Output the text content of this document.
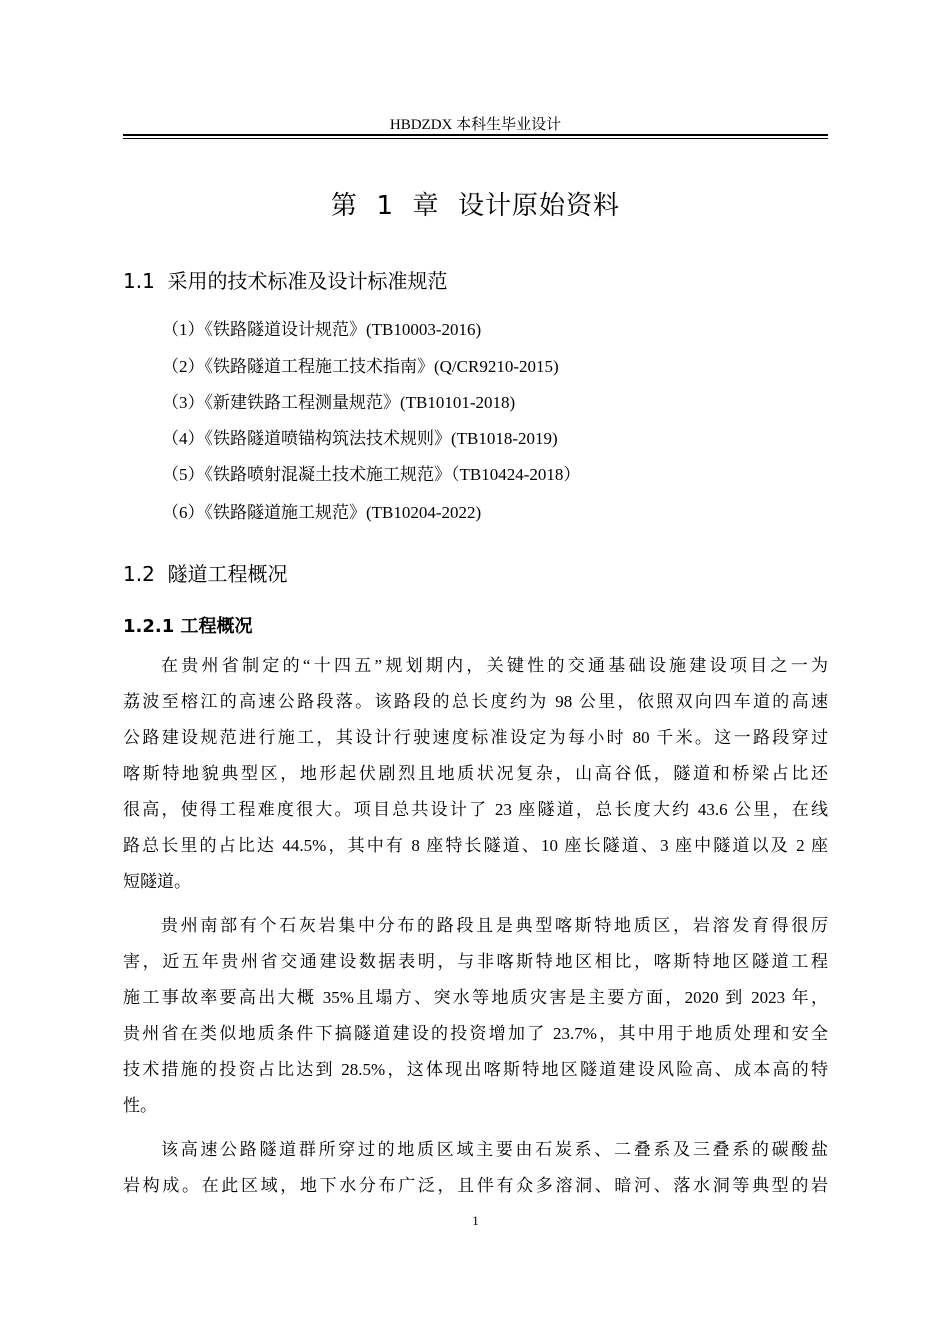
HBDZDX 本科生毕业设计
第  1  章  设计原始资料
1.1  采用的技术标准及设计标准规范
（1）《铁路隧道设计规范》(TB10003-2016)
（2）《铁路隧道工程施工技术指南》(Q/CR9210-2015)
（3）《新建铁路工程测量规范》(TB10101-2018)
（4）《铁路隧道喷锚构筑法技术规则》(TB1018-2019)
（5）《铁路喷射混凝土技术施工规范》（TB10424-2018）
（6）《铁路隧道施工规范》(TB10204-2022)
1.2  隧道工程概况
1.2.1 工程概况
在贵州省制定的“十四五”规划期内，关键性的交通基础设施建设项目之一为
荔波至榕江的高速公路段落。该路段的总长度约为 98 公里，依照双向四车道的高速
公路建设规范进行施工，其设计行驶速度标准设定为每小时 80 千米。这一路段穿过
喀斯特地貌典型区，地形起伏剧烈且地质状况复杂，山高谷低，隧道和桥梁占比还
很高，使得工程难度很大。项目总共设计了 23 座隧道，总长度大约 43.6 公里，在线
路总长里的占比达 44.5%，其中有 8 座特长隧道、10 座长隧道、3 座中隧道以及 2 座
短隧道。
贵州南部有个石灰岩集中分布的路段且是典型喀斯特地质区，岩溶发育得很厉
害，近五年贵州省交通建设数据表明，与非喀斯特地区相比，喀斯特地区隧道工程
施工事故率要高出大概 35%且塌方、突水等地质灾害是主要方面，2020 到 2023 年，
贵州省在类似地质条件下搞隧道建设的投资增加了 23.7%，其中用于地质处理和安全
技术措施的投资占比达到 28.5%，这体现出喀斯特地区隧道建设风险高、成本高的特
性。
该高速公路隧道群所穿过的地质区域主要由石炭系、二叠系及三叠系的碳酸盐
岩构成。在此区域，地下水分布广泛，且伴有众多溶洞、暗河、落水洞等典型的岩
1
